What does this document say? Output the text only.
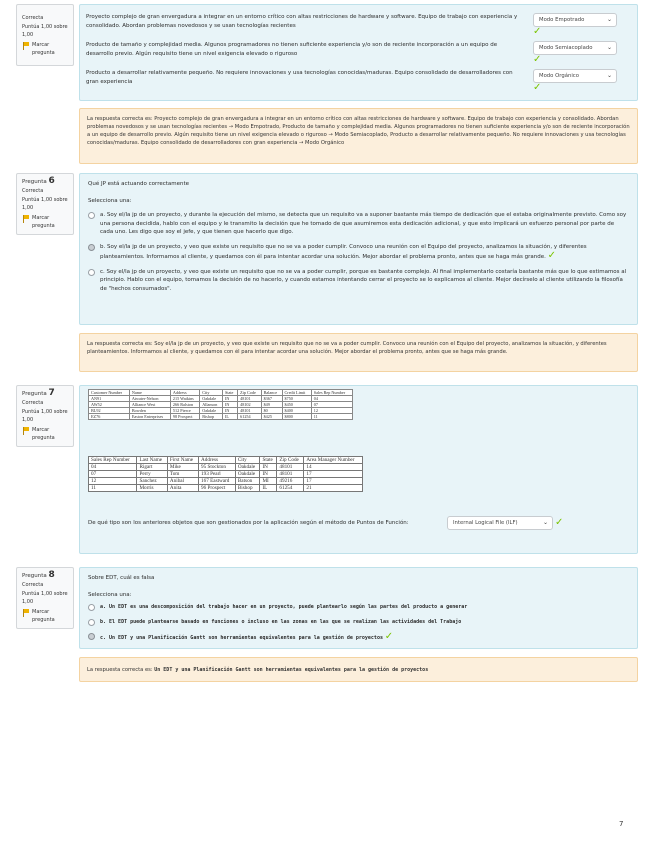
Correcta
Puntúa 1,00 sobre 1,00
Marcar pregunta
Proyecto complejo de gran envergadura a integrar en un entorno crítico con altas restricciones de hardware y software. Equipo de trabajo con experiencia y consolidado. Abordan problemas novedosos y se usan tecnologías recientes
Modo Empotrado	⌄
✓
Producto de tamaño y complejidad media. Algunos programadores no tienen suficiente experiencia y/o son de reciente incorporación a un equipo de desarrollo previo. Algún requisito tiene un nivel exigencia elevado o riguroso
Modo Semiacoplado ⌄
✓
Producto a desarrollar relativamente pequeño. No requiere innovaciones y usa tecnologías conocidas/maduras. Equipo consolidado de desarrolladores con gran experiencia
Modo Orgánico	⌄
✓
La respuesta correcta es: Proyecto complejo de gran envergadura a integrar en un entorno crítico con altas restricciones de hardware y software. Equipo de trabajo con experiencia y consolidado. Abordan problemas novedosos y se usan tecnologías recientes → Modo Empotrado, Producto de tamaño y complejidad media. Algunos programadores no tienen suficiente experiencia y/o son de reciente incorporación a un equipo de desarrollo previo. Algún requisito tiene un nivel exigencia elevado o riguroso → Modo Semiacoplado, Producto a desarrollar relativamente pequeño. No requiere innovaciones y usa tecnologías conocidas/maduras. Equipo consolidado de desarrolladores con gran experiencia → Modo Orgánico
Pregunta 6
Correcta
Puntúa 1,00 sobre 1,00
Marcar pregunta
Qué JP está actuando correctamente
Selecciona una:
a. Soy el/la jp de un proyecto, y durante la ejecución del mismo, se detecta que un requisito va a suponer bastante más tiempo de dedicación que el estaba originalmente previsto. Como soy una persona decidida, hablo con el equipo y le transmito la decisión que he tomado de que asumiremos esta dedicación adicional, y que esto implicará un esfuerzo personal por parte de cada uno. Les digo que soy el jefe, y que tienen que hacerlo que digo.
b. Soy el/la jp de un proyecto, y veo que existe un requisito que no se va a poder cumplir. Convoco una reunión con el Equipo del proyecto, analizamos la situación, y diferentes planteamientos. Informamos al cliente, y quedamos con él para intentar acordar una solución. Mejor abordar el problema pronto, antes que se haga más grande. ✓
c. Soy el/la jp de un proyecto, y veo que existe un requisito que no se va a poder cumplir, porque es bastante complejo. Al final implementarlo costaría bastante más que lo que estimamos al principio. Hablo con el equipo, tomamos la decisión de no hacerlo, y cuando estamos intentando cerrar el proyecto se lo explicamos al cliente. Mejor decírselo al cliente utilizando la filosofía de "hechos consumados".
La respuesta correcta es: Soy el/la jp de un proyecto, y veo que existe un requisito que no se va a poder cumplir. Convoco una reunión con el Equipo del proyecto, analizamos la situación, y diferentes planteamientos. Informamos al cliente, y quedamos con él para intentar acordar una solución. Mejor abordar el problema pronto, antes que se haga más grande.
Pregunta 7
Correcta
Puntúa 1,00 sobre 1,00
Marcar pregunta
Customer Number	Name	Address	City	State	Zip Code	Balance	Credit Limit	Sales Rep Number
AN91	Atwater-Nelson	215 Watkins	Oakdale	IN	48101	$367	$750	04
AW52	Alliance West	266 Ralston	Allanson	IN	48102	$49	$450	07
BL92	Bowden	512 Pierce	Oakdale	IN	48101	$0	$400	12
EZ76	Easton Enterprises	98 Prospect	Bishop	IL	61254	$425	$800	11
Sales Rep Number	Last Name	First Name	Address	City	State	Zip Code	Area Manager Number
04	Rigart	Mike	95 Stockton	Oakdale	IN	48101	14
07	Perry	Tom	193 Pearl	Oakdale	IN	48101	17
12	Sanchez	Anibal	167 Eastward	Batson	MI	49216	17
11	Morris	Anita	96 Prospect	Bishop	IL	61254	21
De qué tipo son los anteriores objetos que son gestionados por la aplicación según el método de Puntos de Función:	Internal Logical File (ILF)	⌄ ✓
Pregunta 8
Correcta
Puntúa 1,00 sobre 1,00
Marcar pregunta
Sobre EDT, cuál es falsa
Selecciona una:
a. Un EDT es una descomposición del trabajo hacer en un proyecto, puede plantearlo según las partes del producto a generar
b. El EDT puede plantearse basado en funciones o incluso en las zonas en las que se realizan las actividades del Trabajo
c. Un EDT y una Planificación Gantt son herramientas equivalentes para la gestión de proyectos ✓
La respuesta correcta es: Un EDT y una Planificación Gantt son herramientas equivalentes para la gestión de proyectos
7
